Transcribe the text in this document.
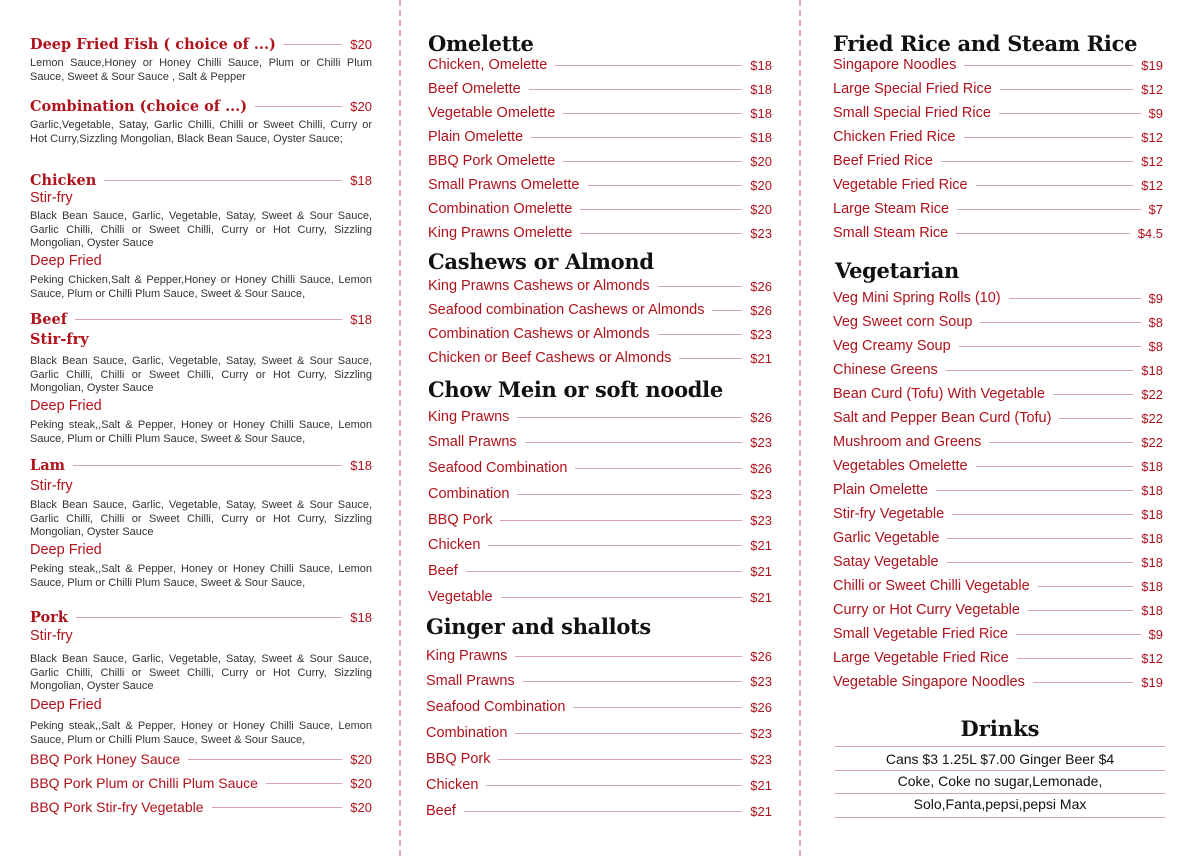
Deep Fried Fish ( choice of ...)	$20
Lemon Sauce,Honey or Honey Chilli Sauce, Plum or Chilli Plum Sauce, Sweet & Sour Sauce , Salt & Pepper
Combination (choice of ...)	$20
Garlic,Vegetable, Satay, Garlic Chilli, Chilli or Sweet Chilli, Curry or Hot Curry,Sizzling Mongolian, Black Bean Sauce, Oyster Sauce;
Chicken	$18
Stir-fry
Black Bean Sauce, Garlic, Vegetable, Satay, Sweet & Sour Sauce, Garlic Chilli, Chilli or Sweet Chilli, Curry or Hot Curry, Sizzling Mongolian, Oyster Sauce
Deep Fried
Peking Chicken,Salt & Pepper,Honey or Honey Chilli Sauce, Lemon Sauce, Plum or Chilli Plum Sauce, Sweet & Sour Sauce,
Beef	$18
Stir-fry
Black Bean Sauce, Garlic, Vegetable, Satay, Sweet & Sour Sauce, Garlic Chilli, Chilli or Sweet Chilli, Curry or Hot Curry, Sizzling Mongolian, Oyster Sauce
Deep Fried
Peking steak,,Salt & Pepper, Honey or Honey Chilli Sauce, Lemon Sauce, Plum or Chilli Plum Sauce, Sweet & Sour Sauce,
Lam	$18
Stir-fry
Black Bean Sauce, Garlic, Vegetable, Satay, Sweet & Sour Sauce, Garlic Chilli, Chilli or Sweet Chilli, Curry or Hot Curry, Sizzling Mongolian, Oyster Sauce
Deep Fried
Peking steak,,Salt & Pepper, Honey or Honey Chilli Sauce, Lemon Sauce, Plum or Chilli Plum Sauce, Sweet & Sour Sauce,
Pork	$18
Stir-fry
Black Bean Sauce, Garlic, Vegetable, Satay, Sweet & Sour Sauce, Garlic Chilli, Chilli or Sweet Chilli, Curry or Hot Curry, Sizzling Mongolian, Oyster Sauce
Deep Fried
Peking steak,,Salt & Pepper, Honey or Honey Chilli Sauce, Lemon Sauce, Plum or Chilli Plum Sauce, Sweet & Sour Sauce,
BBQ Pork Honey Sauce	$20
BBQ Pork Plum or Chilli Plum Sauce	$20
BBQ Pork Stir-fry Vegetable	$20
Omelette
Chicken, Omelette	$18
Beef Omelette	$18
Vegetable Omelette	$18
Plain Omelette	$18
BBQ Pork Omelette	$20
Small Prawns Omelette	$20
Combination Omelette	$20
King Prawns Omelette	$23
Cashews or Almond
King Prawns Cashews or Almonds	$26
Seafood combination Cashews or Almonds	$26
Combination Cashews or Almonds	$23
Chicken or Beef Cashews or Almonds	$21
Chow Mein or soft noodle
King Prawns	$26
Small Prawns	$23
Seafood Combination	$26
Combination	$23
BBQ Pork	$23
Chicken	$21
Beef	$21
Vegetable	$21
Ginger and shallots
King Prawns	$26
Small Prawns	$23
Seafood Combination	$26
Combination	$23
BBQ Pork	$23
Chicken	$21
Beef	$21
Fried Rice and Steam Rice
Singapore Noodles	$19
Large Special Fried Rice	$12
Small Special Fried Rice	$9
Chicken Fried Rice	$12
Beef Fried Rice	$12
Vegetable Fried Rice	$12
Large Steam Rice	$7
Small Steam Rice	$4.5
Vegetarian
Veg Mini Spring Rolls (10)	$9
Veg Sweet corn Soup	$8
Veg Creamy Soup	$8
Chinese Greens	$18
Bean Curd (Tofu) With Vegetable	$22
Salt and Pepper Bean Curd (Tofu)	$22
Mushroom and Greens	$22
Vegetables Omelette	$18
Plain Omelette	$18
Stir-fry Vegetable	$18
Garlic Vegetable	$18
Satay Vegetable	$18
Chilli or Sweet Chilli Vegetable	$18
Curry or Hot Curry Vegetable	$18
Small Vegetable Fried Rice	$9
Large Vegetable Fried Rice	$12
Vegetable Singapore Noodles	$19
Drinks
Cans $3 1.25L $7.00 Ginger Beer $4
Coke, Coke no sugar,Lemonade,
Solo,Fanta,pepsi,pepsi Max
